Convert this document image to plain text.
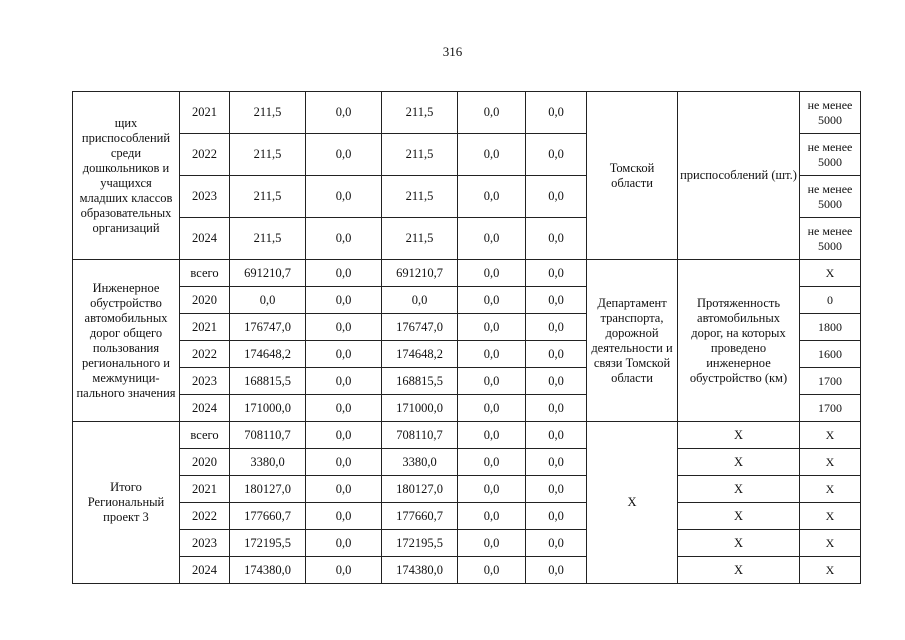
316
щих приспособлений среди дошкольников и учащихся младших классов образовательных организаций	2021	211,5	0,0	211,5	0,0	0,0	Томской области	приспособлений (шт.)	не менее 5000
	2022	211,5	0,0	211,5	0,0	0,0			не менее 5000
	2023	211,5	0,0	211,5	0,0	0,0			не менее 5000
	2024	211,5	0,0	211,5	0,0	0,0			не менее 5000
Инженерное обустройство автомобильных дорог общего пользования регионального и межмуници-пального значения	всего	691210,7	0,0	691210,7	0,0	0,0	Департамент транспорта, дорожной деятельности и связи Томской области	Протяженность автомобильных дорог, на которых проведено инженерное обустройство (км)	X
	2020	0,0	0,0	0,0	0,0	0,0			0
	2021	176747,0	0,0	176747,0	0,0	0,0			1800
	2022	174648,2	0,0	174648,2	0,0	0,0			1600
	2023	168815,5	0,0	168815,5	0,0	0,0			1700
	2024	171000,0	0,0	171000,0	0,0	0,0			1700
Итого Региональный проект 3	всего	708110,7	0,0	708110,7	0,0	0,0	X	X	X
	2020	3380,0	0,0	3380,0	0,0	0,0		X	X
	2021	180127,0	0,0	180127,0	0,0	0,0		X	X
	2022	177660,7	0,0	177660,7	0,0	0,0		X	X
	2023	172195,5	0,0	172195,5	0,0	0,0		X	X
	2024	174380,0	0,0	174380,0	0,0	0,0		X	X
